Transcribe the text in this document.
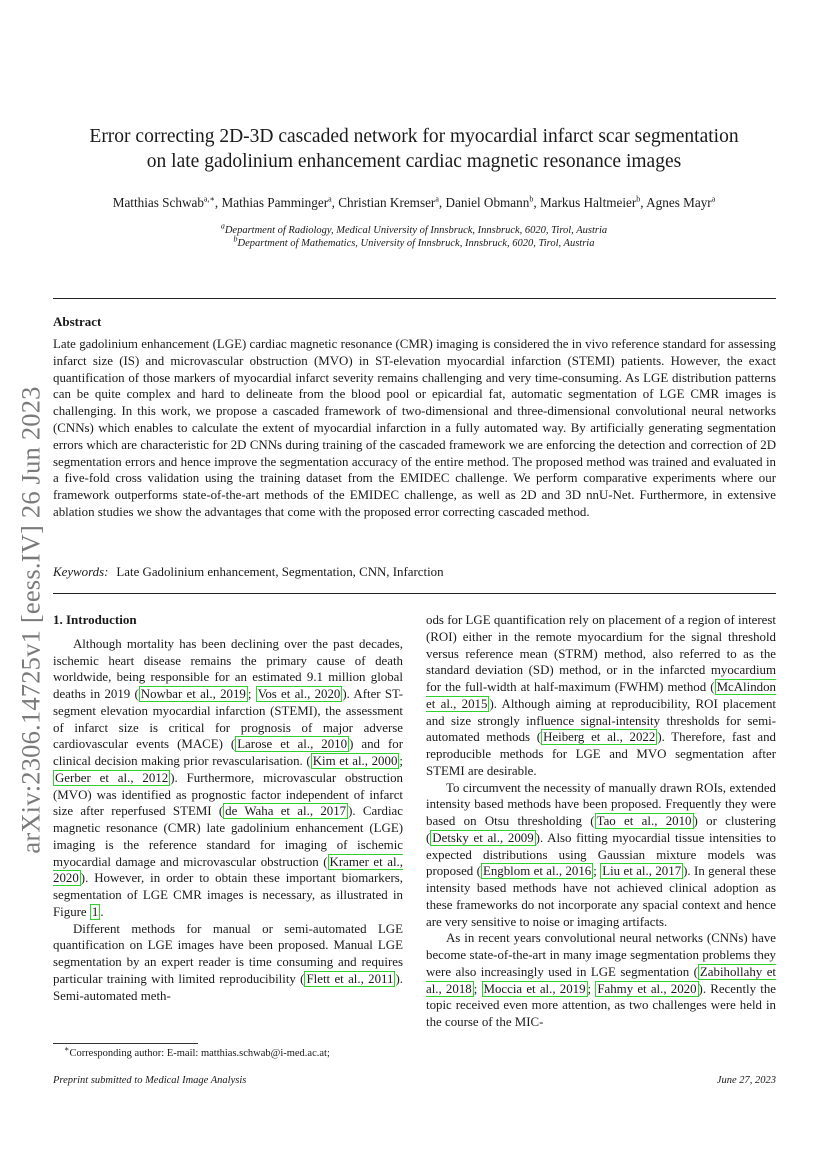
arXiv:2306.14725v1 [eess.IV] 26 Jun 2023
Error correcting 2D-3D cascaded network for myocardial infarct scar segmentation
on late gadolinium enhancement cardiac magnetic resonance images
Matthias Schwab$^{a,∗}$, Mathias Pamminger$^a$, Christian Kremser$^a$, Daniel Obmann$^b$, Markus Haltmeier$^b$, Agnes Mayr$^a$
$^a$Department of Radiology, Medical University of Innsbruck, Innsbruck, 6020, Tirol, Austria
$^b$Department of Mathematics, University of Innsbruck, Innsbruck, 6020, Tirol, Austria
Abstract
Late gadolinium enhancement (LGE) cardiac magnetic resonance (CMR) imaging is considered the in vivo reference standard for assessing infarct size (IS) and microvascular obstruction (MVO) in ST-elevation myocardial infarction (STEMI) patients. However, the exact quantification of those markers of myocardial infarct severity remains challenging and very time-consuming. As LGE distribution patterns can be quite complex and hard to delineate from the blood pool or epicardial fat, automatic segmentation of LGE CMR images is challenging. In this work, we propose a cascaded framework of two-dimensional and three-dimensional convolutional neural networks (CNNs) which enables to calculate the extent of myocardial infarction in a fully automated way. By artificially generating segmentation errors which are characteristic for 2D CNNs during training of the cascaded framework we are enforcing the detection and correction of 2D segmentation errors and hence improve the segmentation accuracy of the entire method. The proposed method was trained and evaluated in a five-fold cross validation using the training dataset from the EMIDEC challenge. We perform comparative experiments where our framework outperforms state-of-the-art methods of the EMIDEC challenge, as well as 2D and 3D nnU-Net. Furthermore, in extensive ablation studies we show the advantages that come with the proposed error correcting cascaded method.
Keywords: Late Gadolinium enhancement, Segmentation, CNN, Infarction
1. Introduction

Although mortality has been declining over the past decades, ischemic heart disease remains the primary cause of death worldwide, being responsible for an estimated 9.1 million global deaths in 2019 ( Nowbar et al., 2019 ; Vos et al., 2020 ). After ST-segment elevation myocardial infarction (STEMI), the assessment of infarct size is critical for prognosis of major adverse cardiovascular events (MACE) ( Larose et al., 2010 ) and for clinical decision making prior revascularisation. ( Kim et al., 2000 ; Gerber et al., 2012 ). Furthermore, microvascular obstruction (MVO) was identified as prognostic factor independent of infarct size after reperfused STEMI ( de Waha et al., 2017 ). Cardiac magnetic resonance (CMR) late gadolinium enhancement (LGE) imaging is the reference standard for imaging of ischemic myocardial damage and microvascular obstruction ( Kramer et al., 2020 ). However, in order to obtain these important biomarkers, segmentation of LGE CMR images is necessary, as illustrated in Figure 1 .

Different methods for manual or semi-automated LGE quantification on LGE images have been proposed. Manual LGE segmentation by an expert reader is time consuming and requires particular training with limited reproducibility ( Flett et al., 2011 ). Semi-automated meth-

ods for LGE quantification rely on placement of a region of interest (ROI) either in the remote myocardium for the signal threshold versus reference mean (STRM) method, also referred to as the standard deviation (SD) method, or in the infarcted myocardium for the full-width at half-maximum (FWHM) method ( McAlindon et al., 2015 ). Although aiming at reproducibility, ROI placement and size strongly influence signal-intensity thresholds for semi-automated methods ( Heiberg et al., 2022 ). Therefore, fast and reproducible methods for LGE and MVO segmentation after STEMI are desirable.

To circumvent the necessity of manually drawn ROIs, extended intensity based methods have been proposed. Frequently they were based on Otsu thresholding ( Tao et al., 2010 ) or clustering ( Detsky et al., 2009 ). Also fitting myocardial tissue intensities to expected distributions using Gaussian mixture models was proposed ( Engblom et al., 2016 ; Liu et al., 2017 ). In general these intensity based methods have not achieved clinical adoption as these frameworks do not incorporate any spacial context and hence are very sensitive to noise or imaging artifacts.

As in recent years convolutional neural networks (CNNs) have become state-of-the-art in many image segmentation problems they were also increasingly used in LGE segmentation ( Zabihollahy et al., 2018 ; Moccia et al., 2019 ; Fahmy et al., 2020 ). Recently the topic received even more attention, as two challenges were held in the course of the MIC-

∗Corresponding author: E-mail: matthias.schwab@i-med.ac.at;
Preprint submitted to Medical Image Analysis	June 27, 2023
